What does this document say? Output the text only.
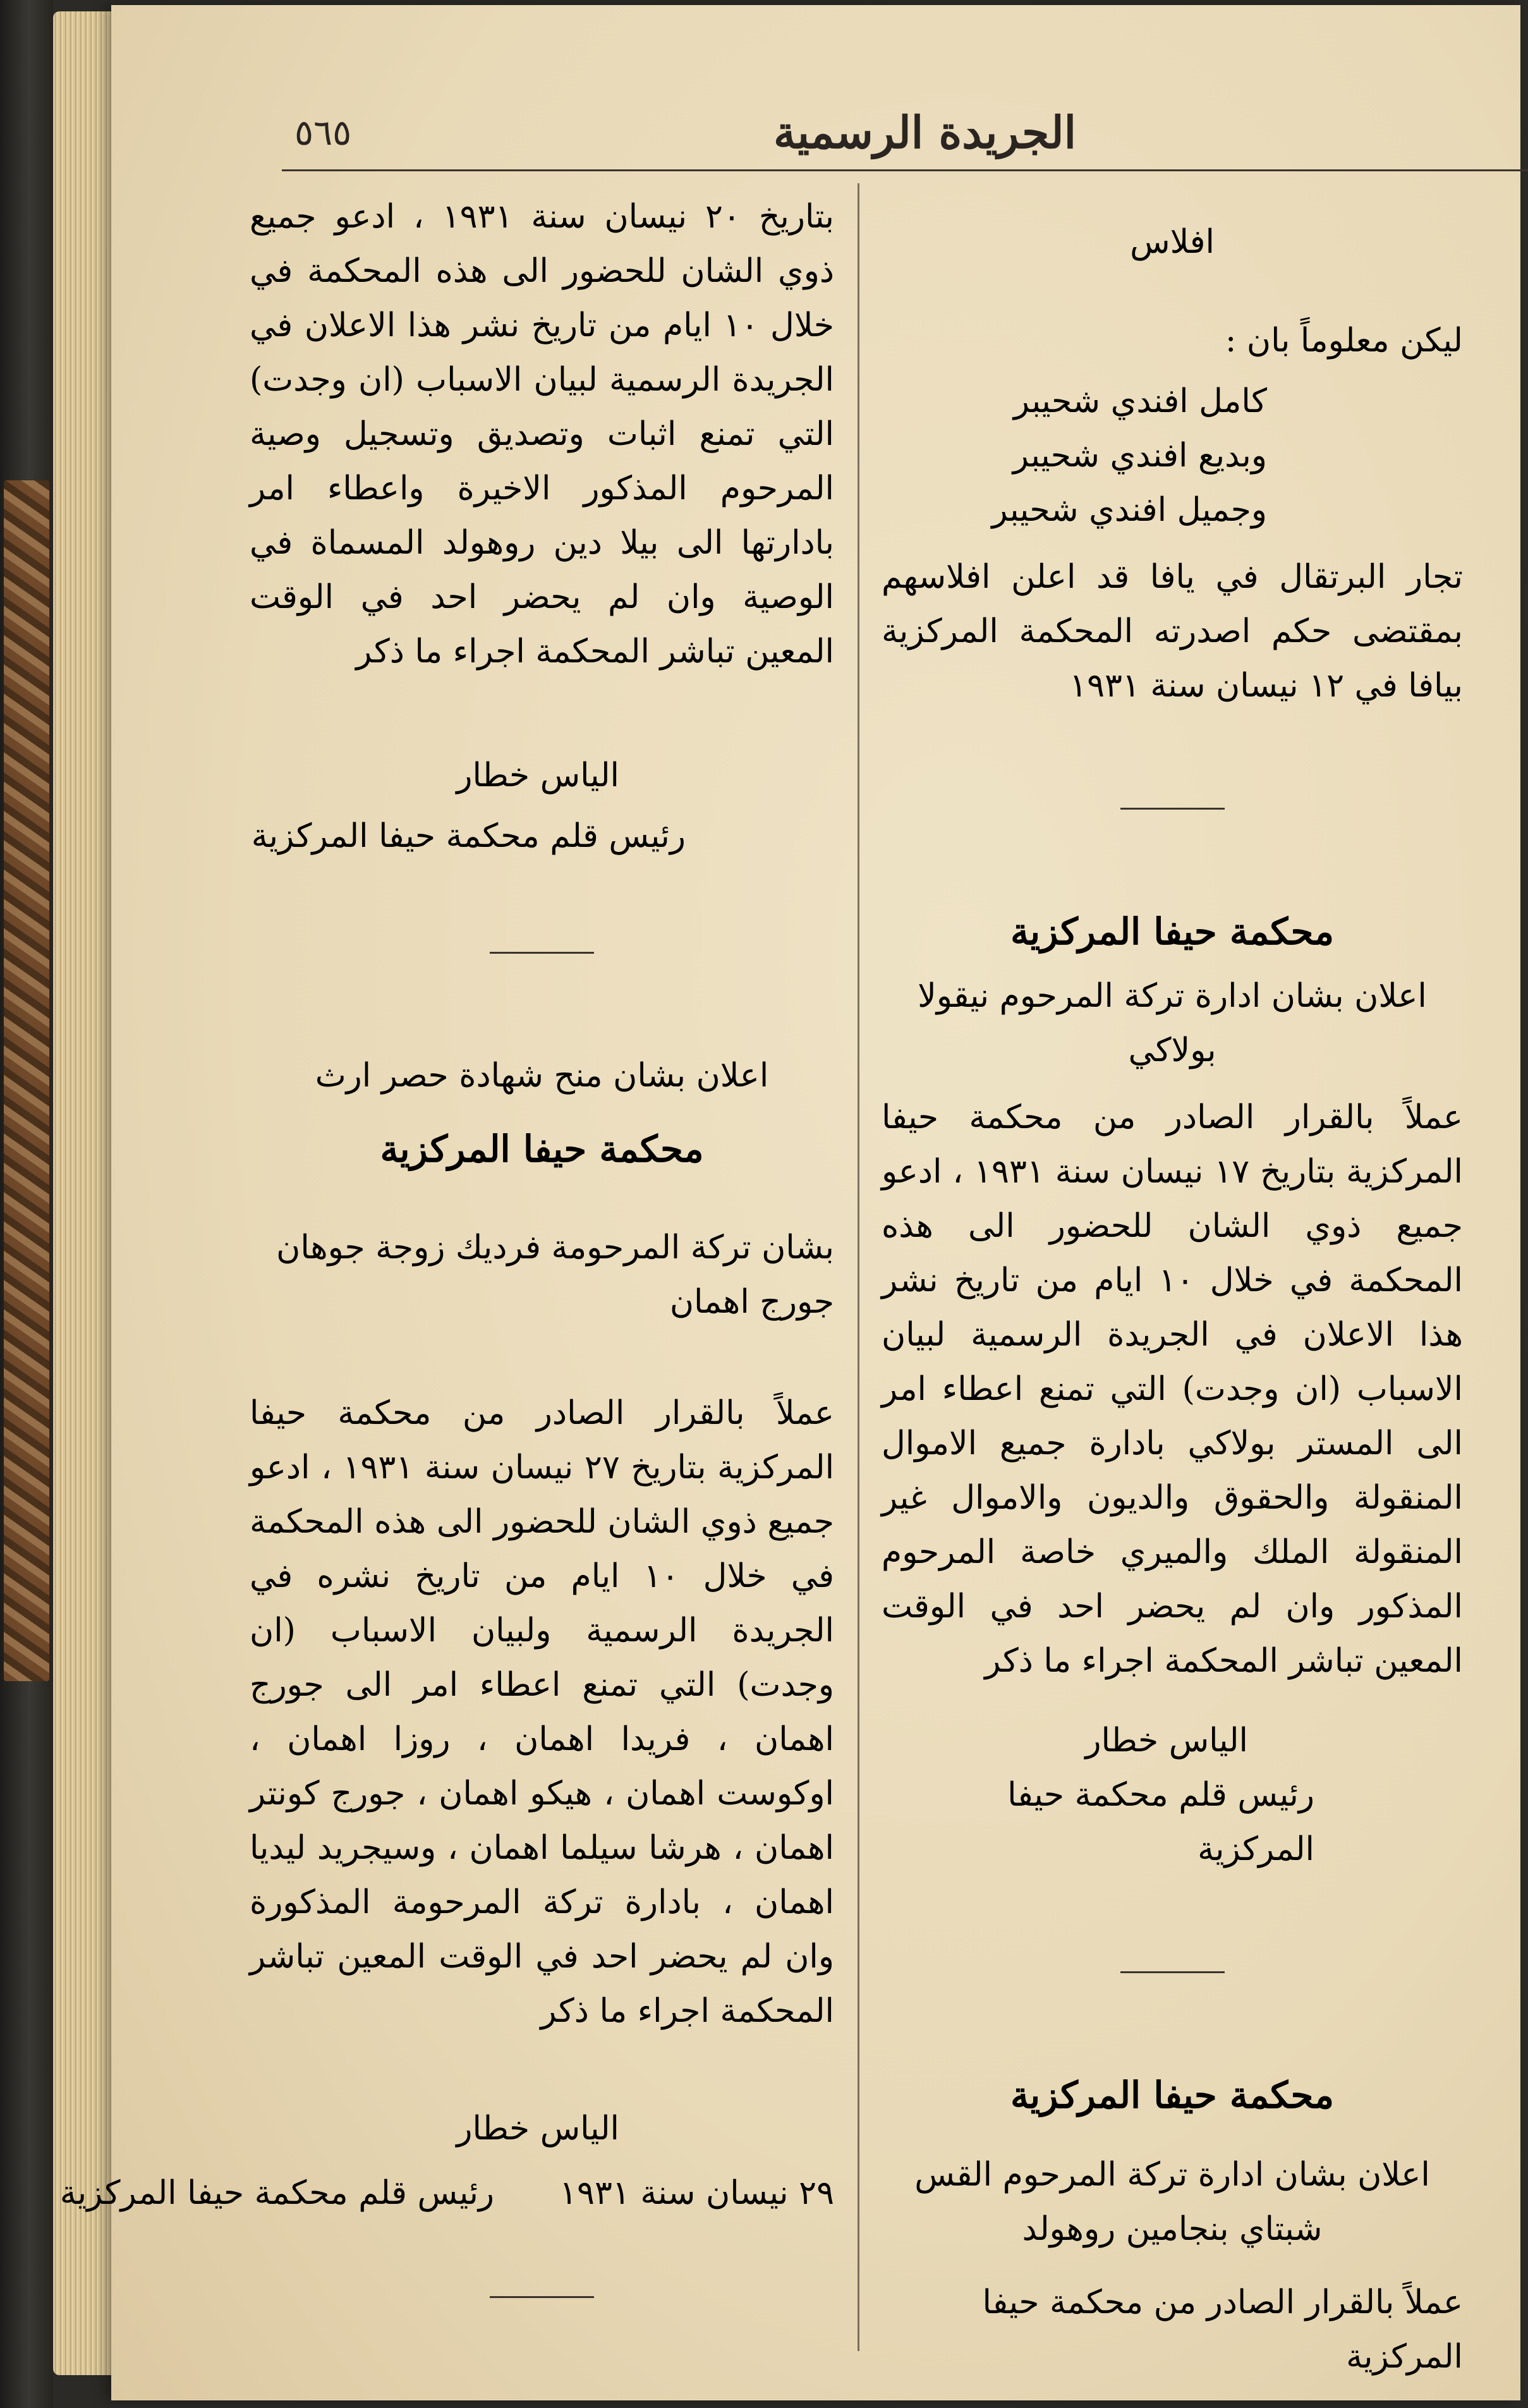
٥٦٥	الجريدة الرسمية

افلاس

ليكن معلوماً بان :

كامل افندي شحيبر

وبديع افندي شحيبر

وجميل افندي شحيبر

تجار البرتقال في يافا قد اعلن افلاسهم بمقتضى حكم اصدرته المحكمة المركزية بيافا في ١٢ نيسان سنة ١٩٣١

محكمة حيفا المركزية

اعلان بشان ادارة تركة المرحوم نيقولا بولاكي

عملاً بالقرار الصادر من محكمة حيفا المركزية بتاريخ ١٧ نيسان سنة ١٩٣١ ، ادعو جميع ذوي الشان للحضور الى هذه المحكمة في خلال ١٠ ايام من تاريخ نشر هذا الاعلان في الجريدة الرسمية لبيان الاسباب (ان وجدت) التي تمنع اعطاء امر الى المستر بولاكي بادارة جميع الاموال المنقولة والحقوق والديون والاموال غير المنقولة الملك والميري خاصة المرحوم المذكور وان لم يحضر احد في الوقت المعين تباشر المحكمة اجراء ما ذكر

الياس خطار

رئيس قلم محكمة حيفا المركزية

محكمة حيفا المركزية

اعلان بشان ادارة تركة المرحوم القس

شبتاي بنجامين روهولد

عملاً بالقرار الصادر من محكمة حيفا المركزية

بتاريخ ٢٠ نيسان سنة ١٩٣١ ، ادعو جميع ذوي الشان للحضور الى هذه المحكمة في خلال ١٠ ايام من تاريخ نشر هذا الاعلان في الجريدة الرسمية لبيان الاسباب (ان وجدت) التي تمنع اثبات وتصديق وتسجيل وصية المرحوم المذكور الاخيرة واعطاء امر بادارتها الى بيلا دين روهولد المسماة في الوصية وان لم يحضر احد في الوقت المعين تباشر المحكمة اجراء ما ذكر

الياس خطار

رئيس قلم محكمة حيفا المركزية

اعلان بشان منح شهادة حصر ارث

محكمة حيفا المركزية

بشان تركة المرحومة فرديك زوجة جوهان جورج اهمان

عملاً بالقرار الصادر من محكمة حيفا المركزية بتاريخ ٢٧ نيسان سنة ١٩٣١ ، ادعو جميع ذوي الشان للحضور الى هذه المحكمة في خلال ١٠ ايام من تاريخ نشره في الجريدة الرسمية ولبيان الاسباب (ان وجدت) التي تمنع اعطاء امر الى جورج اهمان ، فريدا اهمان ، روزا اهمان ، اوكوست اهمان ، هيكو اهمان ، جورج كونتر اهمان ، هرشا سيلما اهمان ، وسيجريد ليديا اهمان ، بادارة تركة المرحومة المذكورة وان لم يحضر احد في الوقت المعين تباشر المحكمة اجراء ما ذكر

الياس خطار

٢٩ نيسان سنة ١٩٣١  رئيس قلم محكمة حيفا المركزية
